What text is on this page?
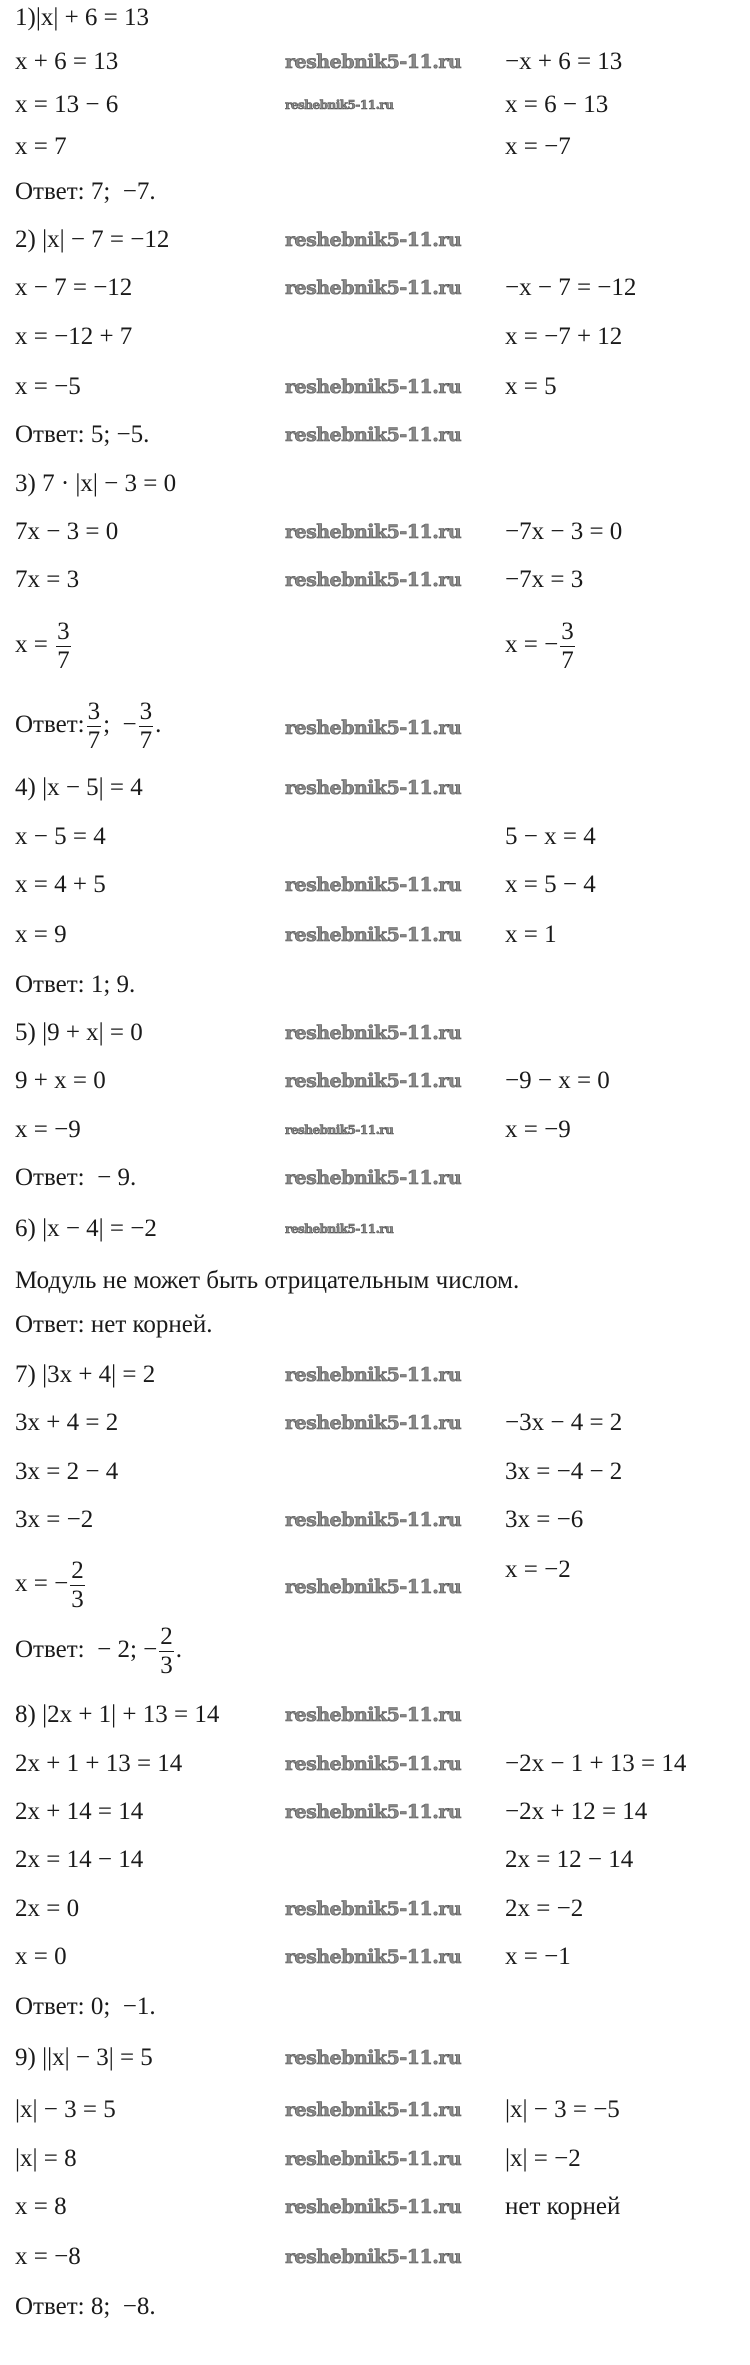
1)|x| + 6 = 13
x + 6 = 13	−x + 6 = 13
x = 13 − 6	x = 6 − 13
x = 7	x = −7
Ответ: 7;  −7.
2) |x| − 7 = −12
x − 7 = −12	−x − 7 = −12
x = −12 + 7	x = −7 + 12
x = −5	x = 5
Ответ: 5; −5.
3) 7 · |x| − 3 = 0
7x − 3 = 0	−7x − 3 = 0
7x = 3	−7x = 3
$x = \frac{3}{7}$	x = − $\frac{3}{7}$
Ответ: $\frac{3}{7}$ ;  − $\frac{3}{7}$ .
4) |x − 5| = 4
x − 5 = 4	5 − x = 4
x = 4 + 5	x = 5 − 4
x = 9	x = 1
Ответ: 1; 9.
5) |9 + x| = 0
9 + x = 0	−9 − x = 0
x = −9	x = −9
Ответ:  − 9.
6) |x − 4| = −2
Модуль не может быть отрицательным числом.
Ответ: нет корней.
7) |3x + 4| = 2
3x + 4 = 2	−3x − 4 = 2
3x = 2 − 4	3x = −4 − 2
3x = −2	3x = −6
x = − $\frac{2}{3}$	x = −2
Ответ:  − 2; − $\frac{2}{3}$ .
8) |2x + 1| + 13 = 14
2x + 1 + 13 = 14	−2x − 1 + 13 = 14
2x + 14 = 14	−2x + 12 = 14
2x = 14 − 14	2x = 12 − 14
2x = 0	2x = −2
x = 0	x = −1
Ответ: 0;  −1.
9) ||x| − 3| = 5
|x| − 3 = 5	|x| − 3 = −5
|x| = 8	|x| = −2
x = 8	нет корней
x = −8
Ответ: 8;  −8.
reshebnik5-11.ru
reshebnik5-11.ru
reshebnik5-11.ru
reshebnik5-11.ru
reshebnik5-11.ru
reshebnik5-11.ru
reshebnik5-11.ru
reshebnik5-11.ru
reshebnik5-11.ru
reshebnik5-11.ru
reshebnik5-11.ru
reshebnik5-11.ru
reshebnik5-11.ru
reshebnik5-11.ru
reshebnik5-11.ru
reshebnik5-11.ru
reshebnik5-11.ru
reshebnik5-11.ru
reshebnik5-11.ru
reshebnik5-11.ru
reshebnik5-11.ru
reshebnik5-11.ru
reshebnik5-11.ru
reshebnik5-11.ru
reshebnik5-11.ru
reshebnik5-11.ru
reshebnik5-11.ru
reshebnik5-11.ru
reshebnik5-11.ru
reshebnik5-11.ru
reshebnik5-11.ru
